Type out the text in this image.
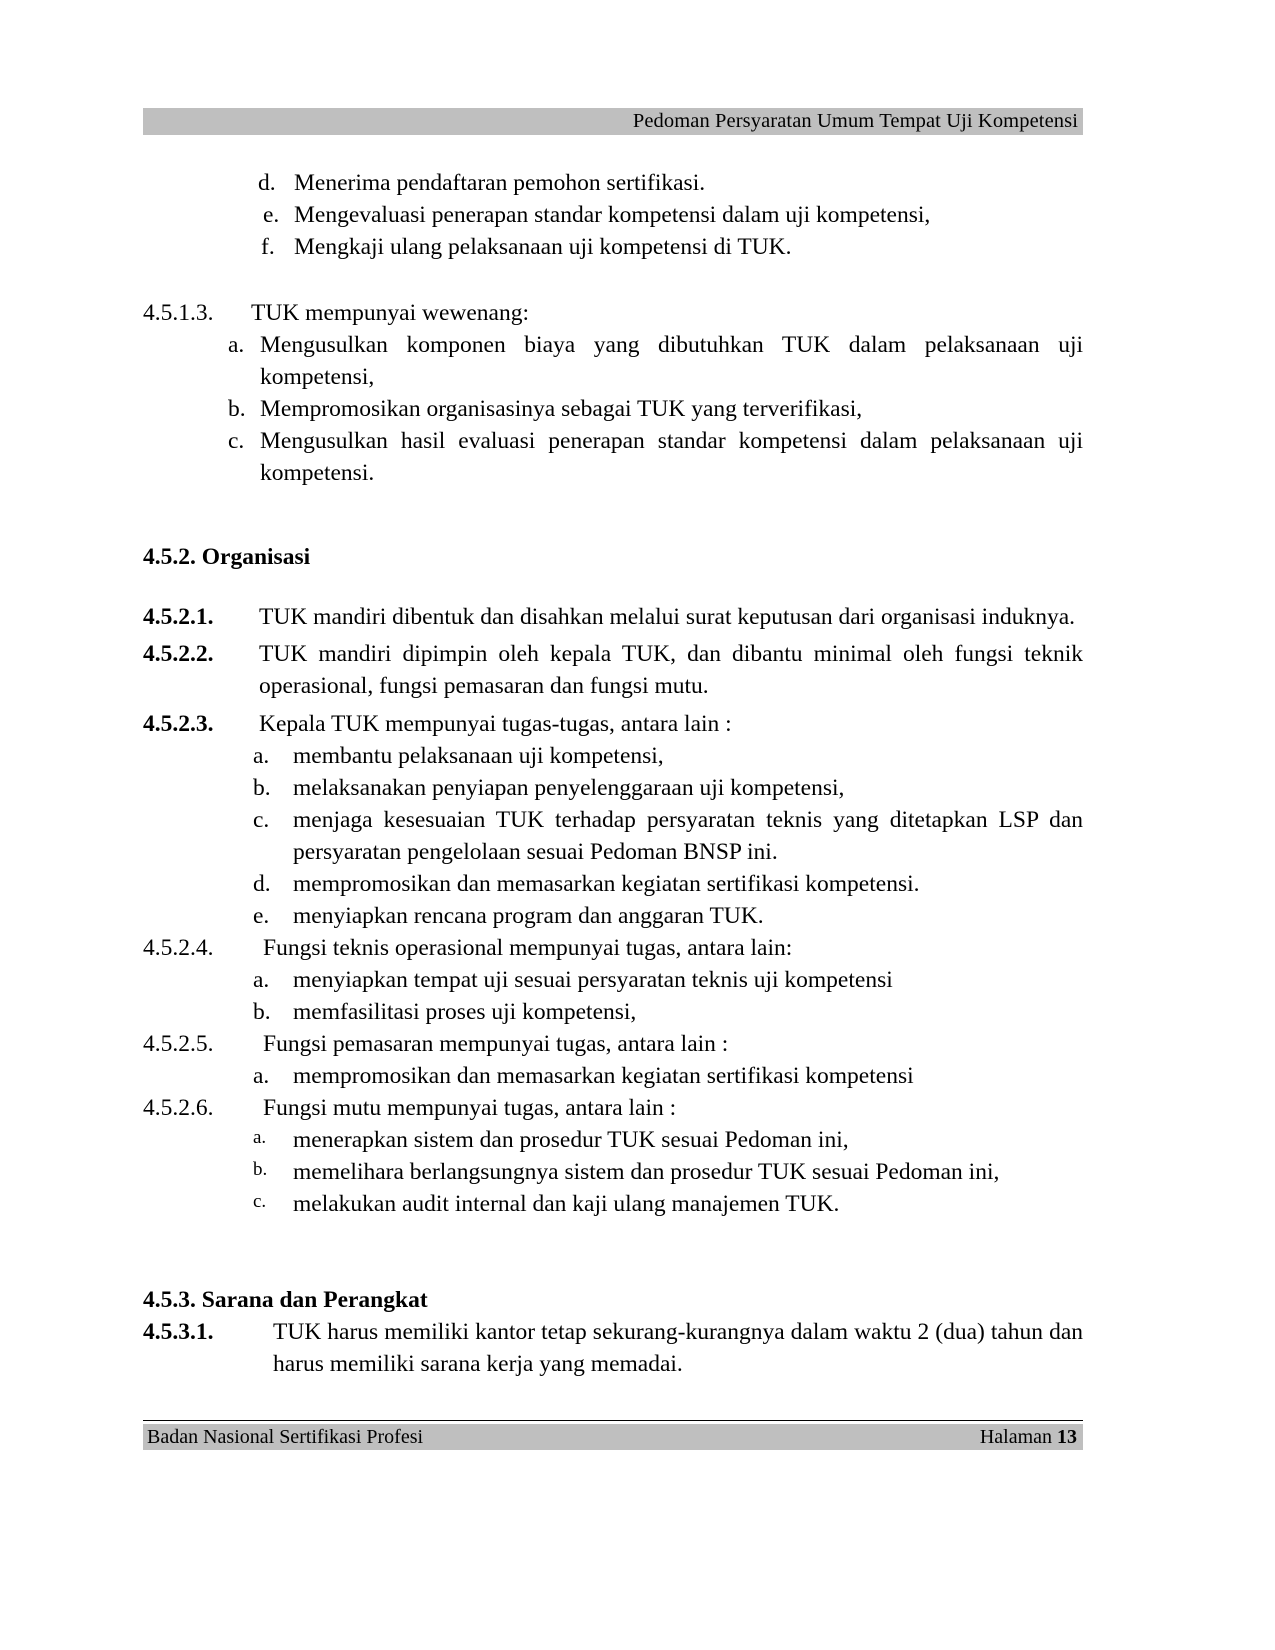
Pedoman Persyaratan Umum Tempat Uji Kompetensi
d. Menerima pendaftaran pemohon sertifikasi.
e. Mengevaluasi penerapan standar kompetensi dalam uji kompetensi,
f. Mengkaji ulang pelaksanaan uji kompetensi di TUK.
4.5.1.3.	TUK mempunyai wewenang:
a. Mengusulkan komponen biaya yang dibutuhkan TUK dalam pelaksanaan uji kompetensi,
b. Mempromosikan organisasinya sebagai TUK yang terverifikasi,
c. Mengusulkan hasil evaluasi penerapan standar kompetensi dalam pelaksanaan uji kompetensi.
4.5.2. Organisasi
4.5.2.1.	TUK mandiri dibentuk dan disahkan melalui surat keputusan dari organisasi induknya.
4.5.2.2.	TUK mandiri dipimpin oleh kepala TUK, dan dibantu minimal oleh fungsi teknik operasional, fungsi pemasaran dan fungsi mutu.
4.5.2.3.	Kepala TUK mempunyai tugas-tugas, antara lain :
a.	membantu pelaksanaan uji kompetensi,
b. melaksanakan penyiapan penyelenggaraan uji kompetensi,
c.	menjaga kesesuaian TUK terhadap persyaratan teknis yang ditetapkan LSP dan persyaratan pengelolaan sesuai Pedoman BNSP ini.
d. mempromosikan dan memasarkan kegiatan sertifikasi kompetensi.
e.	menyiapkan rencana program dan anggaran TUK.
4.5.2.4.	Fungsi teknis operasional mempunyai tugas, antara lain:
a.	menyiapkan tempat uji sesuai persyaratan teknis uji kompetensi
b. memfasilitasi proses uji kompetensi,
4.5.2.5.	Fungsi pemasaran mempunyai tugas, antara lain :
a.	mempromosikan dan memasarkan kegiatan sertifikasi kompetensi
4.5.2.6.	Fungsi mutu mempunyai tugas, antara lain :
a.	menerapkan sistem dan prosedur TUK sesuai Pedoman ini,
b.	memelihara berlangsungnya sistem dan prosedur TUK sesuai Pedoman ini,
c.	melakukan audit internal dan kaji ulang manajemen TUK.
4.5.3. Sarana dan Perangkat
4.5.3.1.	TUK harus memiliki kantor tetap sekurang-kurangnya dalam waktu 2 (dua) tahun dan harus memiliki sarana kerja yang memadai.
Badan Nasional Sertifikasi Profesi	Halaman 13
